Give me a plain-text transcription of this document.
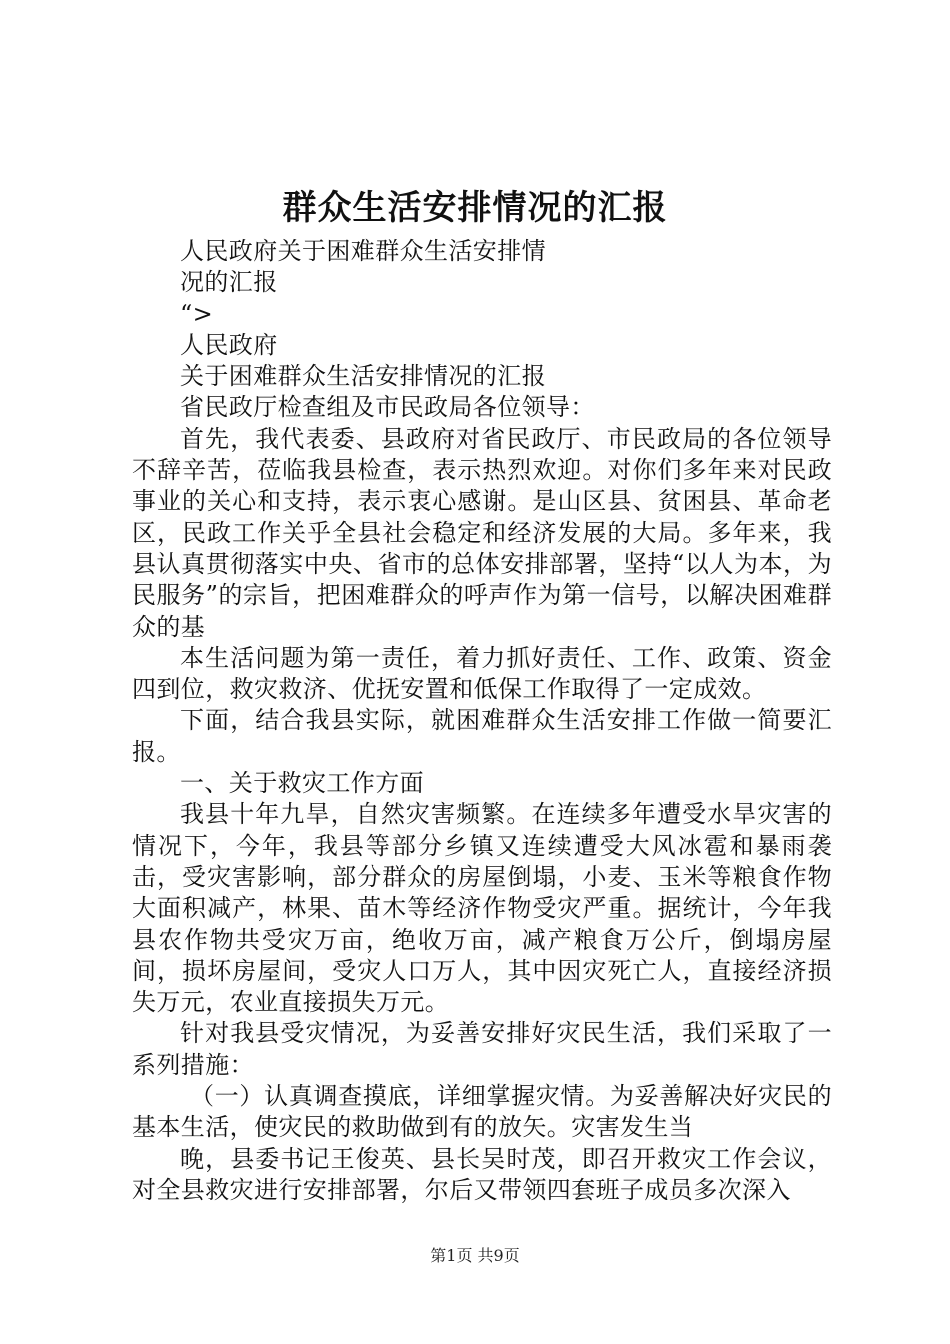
群众生活安排情况的汇报

人民政府关于困难群众生活安排情

况的汇报

“>

人民政府

关于困难群众生活安排情况的汇报

省民政厅检查组及市民政局各位领导：

首先，我代表委、县政府对省民政厅、市民政局的各位领导不辞辛苦，莅临我县检查，表示热烈欢迎。对你们多年来对民政事业的关心和支持，表示衷心感谢。是山区县、贫困县、革命老区，民政工作关乎全县社会稳定和经济发展的大局。多年来，我县认真贯彻落实中央、省市的总体安排部署，坚持“以人为本，为民服务”的宗旨，把困难群众的呼声作为第一信号，以解决困难群众的基

本生活问题为第一责任，着力抓好责任、工作、政策、资金四到位，救灾救济、优抚安置和低保工作取得了一定成效。

下面，结合我县实际，就困难群众生活安排工作做一简要汇报。

一、关于救灾工作方面

我县十年九旱，自然灾害频繁。在连续多年遭受水旱灾害的情况下，今年，我县等部分乡镇又连续遭受大风冰雹和暴雨袭击，受灾害影响，部分群众的房屋倒塌，小麦、玉米等粮食作物大面积减产，林果、苗木等经济作物受灾严重。据统计，今年我县农作物共受灾万亩，绝收万亩，减产粮食万公斤，倒塌房屋间，损坏房屋间，受灾人口万人，其中因灾死亡人，直接经济损失万元，农业直接损失万元。

针对我县受灾情况，为妥善安排好灾民生活，我们采取了一系列措施：

（一）认真调查摸底，详细掌握灾情。为妥善解决好灾民的基本生活，使灾民的救助做到有的放矢。灾害发生当

晚，县委书记王俊英、县长吴时茂，即召开救灾工作会议，对全县救灾进行安排部署，尔后又带领四套班子成员多次深入

第1页 共9页
